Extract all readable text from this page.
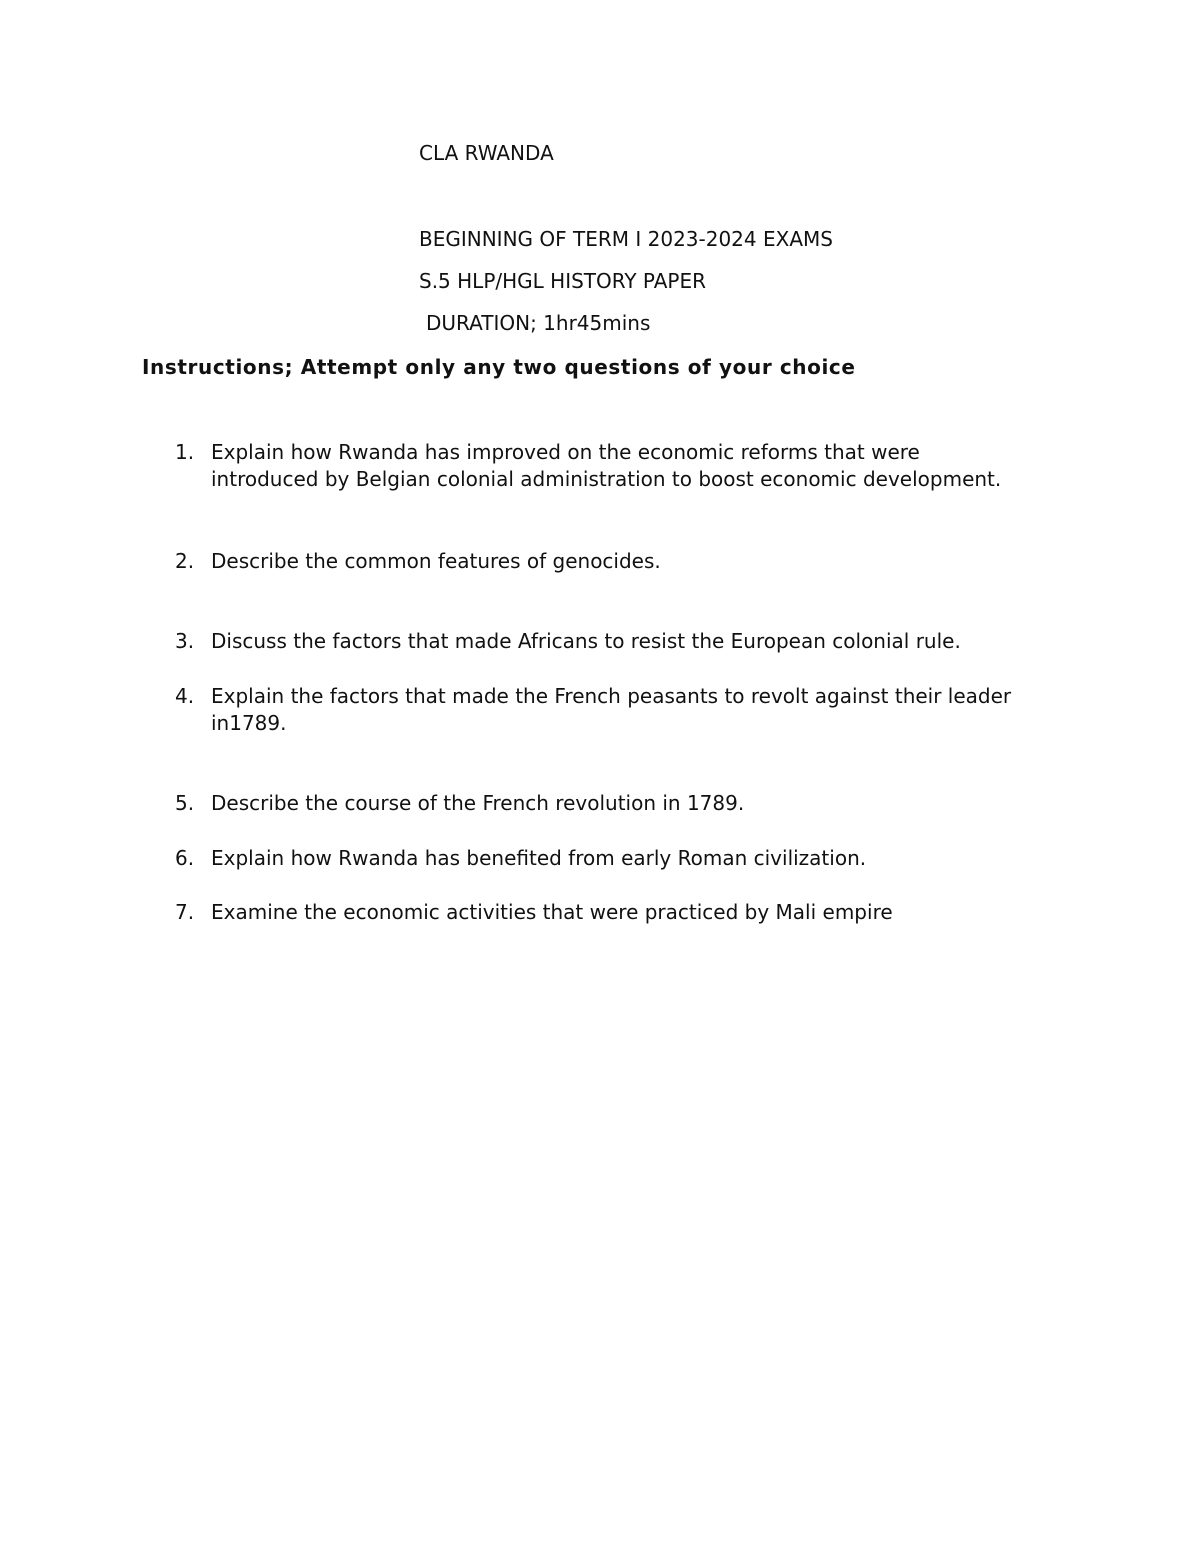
CLA RWANDA
BEGINNING OF TERM I 2023-2024 EXAMS
S.5 HLP/HGL HISTORY PAPER
DURATION; 1hr45mins
Instructions; Attempt only any two questions of your choice
1. Explain how Rwanda has improved on the economic reforms that were introduced by Belgian colonial administration to boost economic development.
2. Describe the common features of genocides.
3. Discuss the factors that made Africans to resist the European colonial rule.
4. Explain the factors that made the French peasants to revolt against their leader in1789.
5. Describe the course of the French revolution in 1789.
6. Explain how Rwanda has benefited from early Roman civilization.
7. Examine the economic activities that were practiced by Mali empire
